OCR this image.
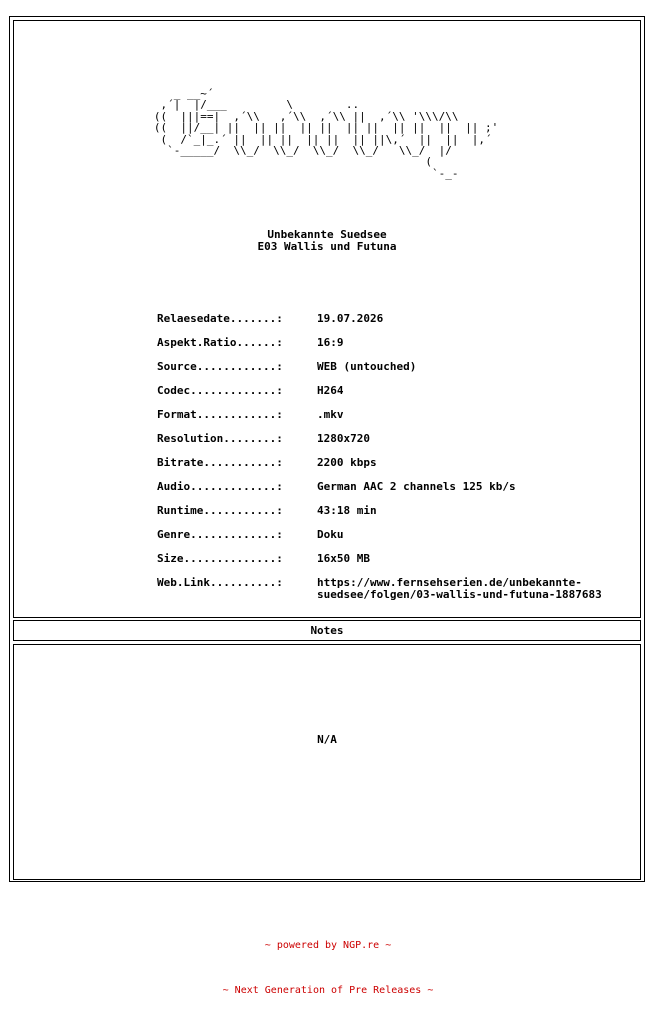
_ __~´
,´|  |/___         \        ..
((  |||==|  ,´\\   ,´\\  ,´\\ ||  ,´\\ '\\\/\\
((  ||/__| ||  || ||  || ||  || ||  || ||  ||  || ;'
(  /`_|_.´ ||  || ||  || ||  || ||\,´  ||  ||  |,´
`-_____/  \\_/  \\_/  \\_/  \\_/   \\_/  |/
(
`-_-
Unbekannte Suedsee
E03 Wallis und Futuna

Relaesedate.......:	19.07.2026

Aspekt.Ratio......:	16:9

Source............:	WEB (untouched)

Codec.............:	H264

Format............:	.mkv

Resolution........:	1280x720

Bitrate...........:	2200 kbps

Audio.............:	German AAC 2 channels 125 kb/s

Runtime...........:	43:18 min

Genre.............:	Doku

Size..............:	16x50 MB

Web.Link..........:	https://www.fernsehserien.de/unbekannte-
suedsee/folgen/03-wallis-und-futuna-1887683

Notes
N/A

~ powered by NGP.re ~

~ Next Generation of Pre Releases ~
